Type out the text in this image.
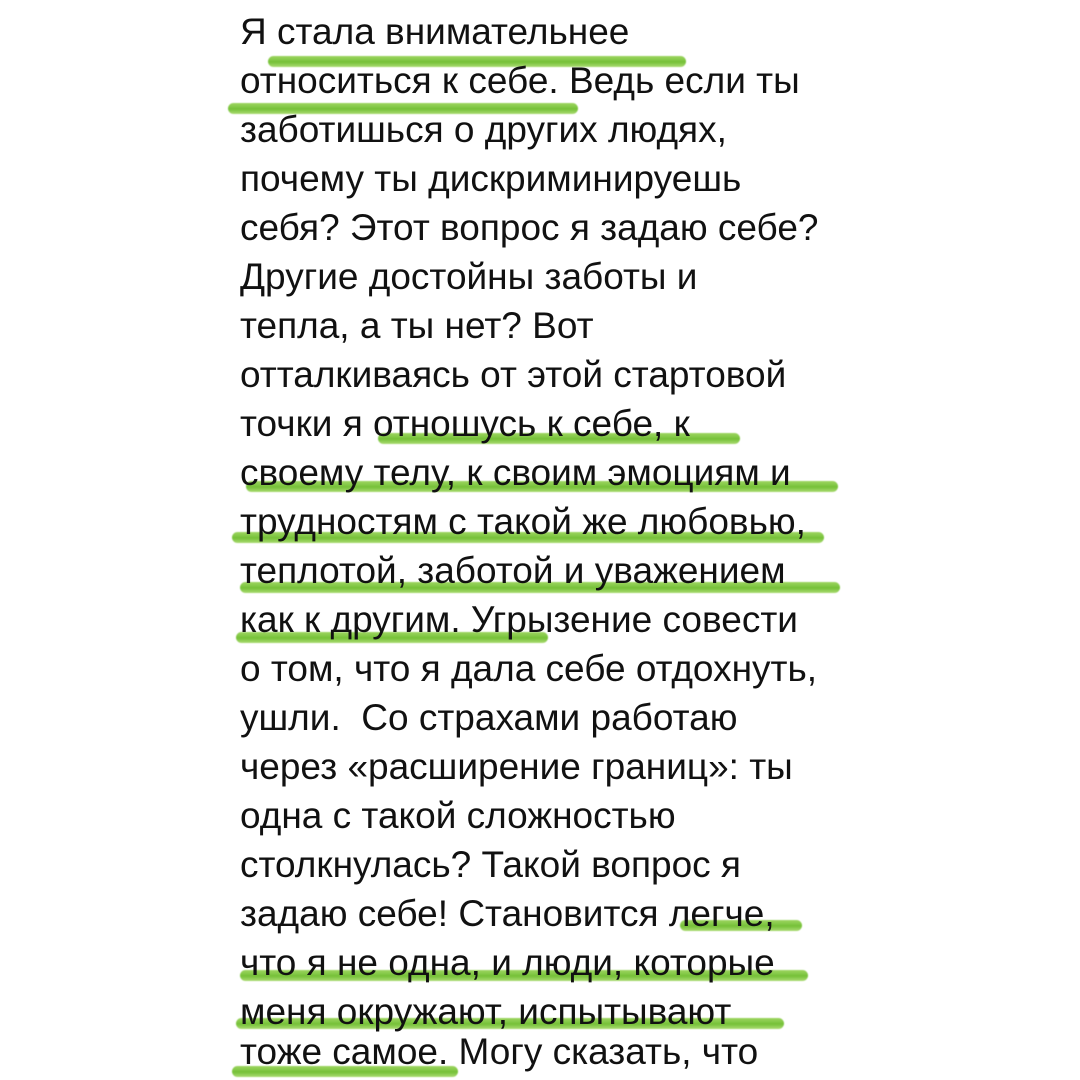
Я стала внимательнее

относиться к себе. Ведь если ты

заботишься о других людях,

почему ты дискриминируешь

себя? Этот вопрос я задаю себе?

Другие достойны заботы и

тепла, а ты нет? Вот

отталкиваясь от этой стартовой

точки я отношусь к себе, к

своему телу, к своим эмоциям и

трудностям с такой же любовью,

теплотой, заботой и уважением

как к другим. Угрызение совести

о том, что я дала себе отдохнуть,

ушли.  Со страхами работаю

через «расширение границ»: ты

одна с такой сложностью

столкнулась? Такой вопрос я

задаю себе! Становится легче,

что я не одна, и люди, которые

меня окружают, испытывают

тоже самое. Могу сказать, что
